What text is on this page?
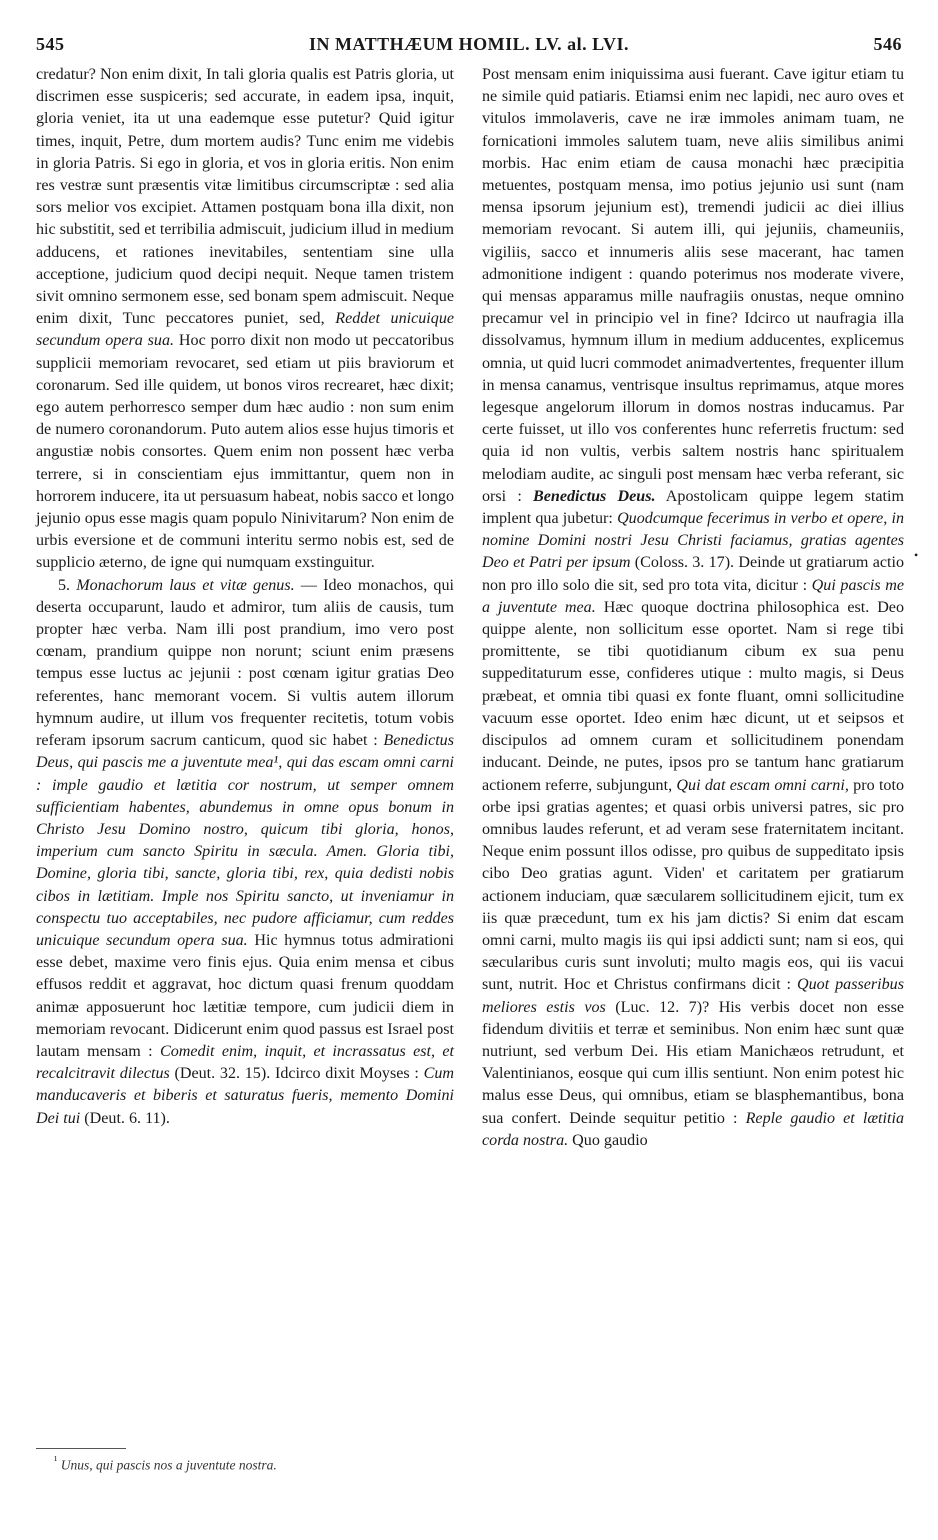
545	IN MATTHÆUM HOMIL. LV. al. LVI.	546

credatur? Non enim dixit, In tali gloria qualis est Patris gloria, ut discrimen esse suspiceris; sed accurate, in eadem ipsa, inquit, gloria veniet, ita ut una eademque esse putetur? Quid igitur times, inquit, Petre, dum mortem audis? Tunc enim me videbis in gloria Patris. Si ego in gloria, et vos in gloria eritis. Non enim res vestræ sunt præsentis vitæ limitibus circumscriptæ : sed alia sors melior vos excipiet. Attamen postquam bona illa dixit, non hic substitit, sed et terribilia admiscuit, judicium illud in medium adducens, et rationes inevitabiles, sententiam sine ulla acceptione, judicium quod decipi nequit. Neque tamen tristem sivit omnino sermonem esse, sed bonam spem admiscuit. Neque enim dixit, Tunc peccatores puniet, sed, Reddet unicuique secundum opera sua. Hoc porro dixit non modo ut peccatoribus supplicii memoriam revocaret, sed etiam ut piis braviorum et coronarum. Sed ille quidem, ut bonos viros recrearet, hæc dixit; ego autem perhorresco semper dum hæc audio : non sum enim de numero coronandorum. Puto autem alios esse hujus timoris et angustiæ nobis consortes. Quem enim non possent hæc verba terrere, si in conscientiam ejus immittantur, quem non in horrorem inducere, ita ut persuasum habeat, nobis sacco et longo jejunio opus esse magis quam populo Ninivitarum? Non enim de urbis eversione et de communi interitu sermo nobis est, sed de supplicio æterno, de igne qui numquam exstinguitur.

5. Monachorum laus et vitæ genus. — Ideo monachos, qui deserta occuparunt, laudo et admiror, tum aliis de causis, tum propter hæc verba. Nam illi post prandium, imo vero post cœnam, prandium quippe non norunt; sciunt enim præsens tempus esse luctus ac jejunii : post cœnam igitur gratias Deo referentes, hanc memorant vocem. Si vultis autem illorum hymnum audire, ut illum vos frequenter recitetis, totum vobis referam ipsorum sacrum canticum, quod sic habet : Benedictus Deus, qui pascis me a juventute mea¹, qui das escam omni carni : imple gaudio et lætitia cor nostrum, ut semper omnem sufficientiam habentes, abundemus in omne opus bonum in Christo Jesu Domino nostro, quicum tibi gloria, honos, imperium cum sancto Spiritu in sæcula. Amen. Gloria tibi, Domine, gloria tibi, sancte, gloria tibi, rex, quia dedisti nobis cibos in lætitiam. Imple nos Spiritu sancto, ut inveniamur in conspectu tuo acceptabiles, nec pudore afficiamur, cum reddes unicuique secundum opera sua. Hic hymnus totus admirationi esse debet, maxime vero finis ejus. Quia enim mensa et cibus effusos reddit et aggravat, hoc dictum quasi frenum quoddam animæ apposuerunt hoc lætitiæ tempore, cum judicii diem in memoriam revocant. Didicerunt enim quod passus est Israel post lautam mensam : Comedit enim, inquit, et incrassatus est, et recalcitravit dilectus (Deut. 32. 15). Idcirco dixit Moyses : Cum manducaveris et biberis et saturatus fueris, memento Domini Dei tui (Deut. 6. 11).

Post mensam enim iniquissima ausi fuerant. Cave igitur etiam tu ne simile quid patiaris. Etiamsi enim nec lapidi, nec auro oves et vitulos immolaveris, cave ne iræ immoles animam tuam, ne fornicationi immoles salutem tuam, neve aliis similibus animi morbis. Hac enim etiam de causa monachi hæc præcipitia metuentes, postquam mensa, imo potius jejunio usi sunt (nam mensa ipsorum jejunium est), tremendi judicii ac diei illius memoriam revocant. Si autem illi, qui jejuniis, chameuniis, vigiliis, sacco et innumeris aliis sese macerant, hac tamen admonitione indigent : quando poterimus nos moderate vivere, qui mensas apparamus mille naufragiis onustas, neque omnino precamur vel in principio vel in fine? Idcirco ut naufragia illa dissolvamus, hymnum illum in medium adducentes, explicemus omnia, ut quid lucri commodet animadvertentes, frequenter illum in mensa canamus, ventrisque insultus reprimamus, atque mores legesque angelorum illorum in domos nostras inducamus. Par certe fuisset, ut illo vos conferentes hunc referretis fructum: sed quia id non vultis, verbis saltem nostris hanc spiritualem melodiam audite, ac singuli post mensam hæc verba referant, sic orsi : Benedictus Deus. Apostolicam quippe legem statim implent qua jubetur: Quodcumque fecerimus in verbo et opere, in nomine Domini nostri Jesu Christi faciamus, gratias agentes Deo et Patri per ipsum (Coloss. 3. 17). Deinde ut gratiarum actio non pro illo solo die sit, sed pro tota vita, dicitur : Qui pascis me a juventute mea. Hæc quoque doctrina philosophica est. Deo quippe alente, non sollicitum esse oportet. Nam si rege tibi promittente, se tibi quotidianum cibum ex sua penu suppeditaturum esse, confideres utique : multo magis, si Deus præbeat, et omnia tibi quasi ex fonte fluant, omni sollicitudine vacuum esse oportet. Ideo enim hæc dicunt, ut et seipsos et discipulos ad omnem curam et sollicitudinem ponendam inducant. Deinde, ne putes, ipsos pro se tantum hanc gratiarum actionem referre, subjungunt, Qui dat escam omni carni, pro toto orbe ipsi gratias agentes; et quasi orbis universi patres, sic pro omnibus laudes referunt, et ad veram sese fraternitatem incitant. Neque enim possunt illos odisse, pro quibus de suppeditato ipsis cibo Deo gratias agunt. Viden' et caritatem per gratiarum actionem induciam, quæ sæcularem sollicitudinem ejicit, tum ex iis quæ præcedunt, tum ex his jam dictis? Si enim dat escam omni carni, multo magis iis qui ipsi addicti sunt; nam si eos, qui sæcularibus curis sunt involuti; multo magis eos, qui iis vacui sunt, nutrit. Hoc et Christus confirmans dicit : Quot passeribus meliores estis vos (Luc. 12. 7)? His verbis docet non esse fidendum divitiis et terræ et seminibus. Non enim hæc sunt quæ nutriunt, sed verbum Dei. His etiam Manichæos retrudunt, et Valentinianos, eosque qui cum illis sentiunt. Non enim potest hic malus esse Deus, qui omnibus, etiam se blasphemantibus, bona sua confert. Deinde sequitur petitio : Reple gaudio et lætitia corda nostra. Quo gaudio

$^{^1}$ Unus, qui pascis nos a juventute nostra.
•
